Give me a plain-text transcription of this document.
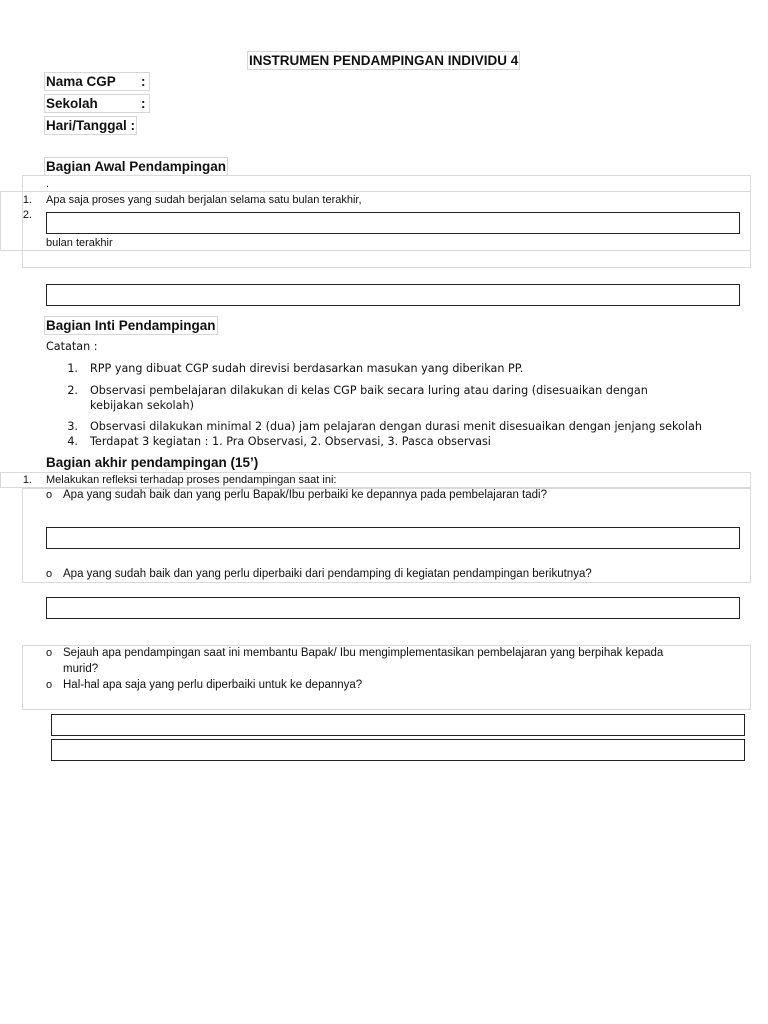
INSTRUMEN PENDAMPINGAN INDIVIDU 4
Nama CGP :
Sekolah	:
Hari/Tanggal :
Bagian Awal Pendampingan
.
1. Apa saja proses yang sudah berjalan selama satu bulan terakhir,
2.
bulan terakhir
Bagian Inti Pendampingan
Catatan :
1. RPP yang dibuat CGP sudah direvisi berdasarkan masukan yang diberikan PP.
2. Observasi pembelajaran dilakukan di kelas CGP baik secara luring atau daring (disesuaikan dengan
kebijakan sekolah)
3. Observasi dilakukan minimal 2 (dua) jam pelajaran dengan durasi menit disesuaikan dengan jenjang sekolah
4. Terdapat 3 kegiatan : 1. Pra Observasi, 2. Observasi, 3. Pasca observasi
Bagian akhir pendampingan (15’)
1. Melakukan refleksi terhadap proses pendampingan saat ini:
o Apa yang sudah baik dan yang perlu Bapak/Ibu perbaiki ke depannya pada pembelajaran tadi?
o Apa yang sudah baik dan yang perlu diperbaiki dari pendamping di kegiatan pendampingan berikutnya?
o Sejauh apa pendampingan saat ini membantu Bapak/ Ibu mengimplementasikan pembelajaran yang berpihak kepada
murid?
o Hal-hal apa saja yang perlu diperbaiki untuk ke depannya?
